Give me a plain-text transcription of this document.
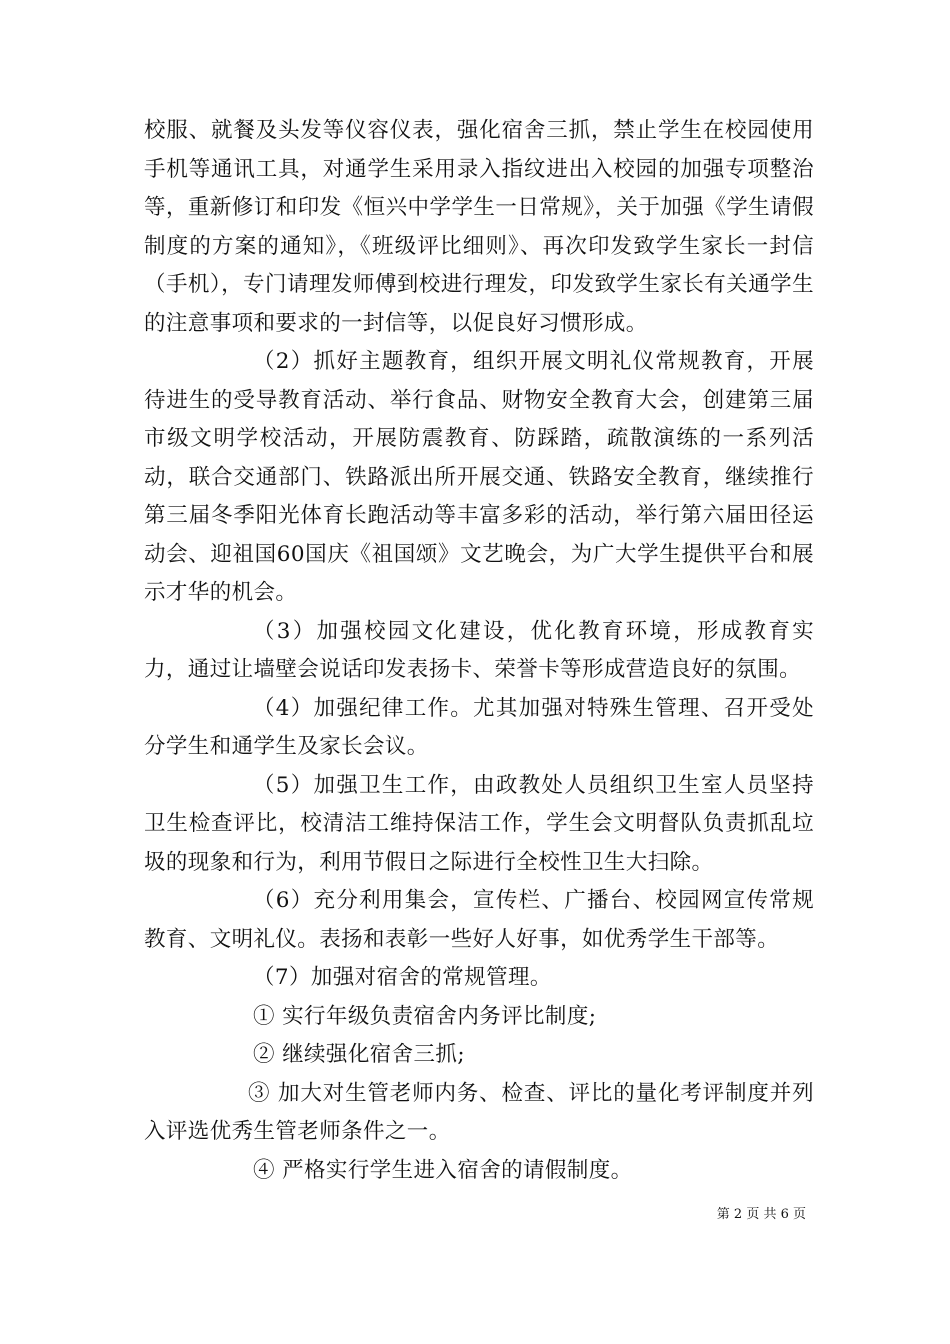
校服、就餐及头发等仪容仪表，强化宿舍三抓，禁止学生在校园使用手机等通讯工具，对通学生采用录入指纹进出入校园的加强专项整治等，重新修订和印发《恒兴中学学生一日常规》，关于加强《学生请假制度的方案的通知》，《班级评比细则》、再次印发致学生家长一封信（手机），专门请理发师傅到校进行理发，印发致学生家长有关通学生的注意事项和要求的一封信等，以促良好习惯形成。

（2）抓好主题教育，组织开展文明礼仪常规教育，开展待进生的受导教育活动、举行食品、财物安全教育大会，创建第三届市级文明学校活动，开展防震教育、防踩踏，疏散演练的一系列活动，联合交通部门、铁路派出所开展交通、铁路安全教育，继续推行第三届冬季阳光体育长跑活动等丰富多彩的活动，举行第六届田径运动会、迎祖国60国庆《祖国颂》文艺晚会，为广大学生提供平台和展示才华的机会。

（3）加强校园文化建设，优化教育环境，形成教育实力，通过让墙壁会说话印发表扬卡、荣誉卡等形成营造良好的氛围。

（4）加强纪律工作。尤其加强对特殊生管理、召开受处分学生和通学生及家长会议。

（5）加强卫生工作，由政教处人员组织卫生室人员坚持卫生检查评比，校清洁工维持保洁工作，学生会文明督队负责抓乱垃圾的现象和行为，利用节假日之际进行全校性卫生大扫除。

（6）充分利用集会，宣传栏、广播台、校园网宣传常规教育、文明礼仪。表扬和表彰一些好人好事，如优秀学生干部等。

（7）加强对宿舍的常规管理。

① 实行年级负责宿舍内务评比制度;

② 继续强化宿舍三抓;

③ 加大对生管老师内务、检查、评比的量化考评制度并列入评选优秀生管老师条件之一。

④ 严格实行学生进入宿舍的请假制度。

第 2 页 共 6 页
